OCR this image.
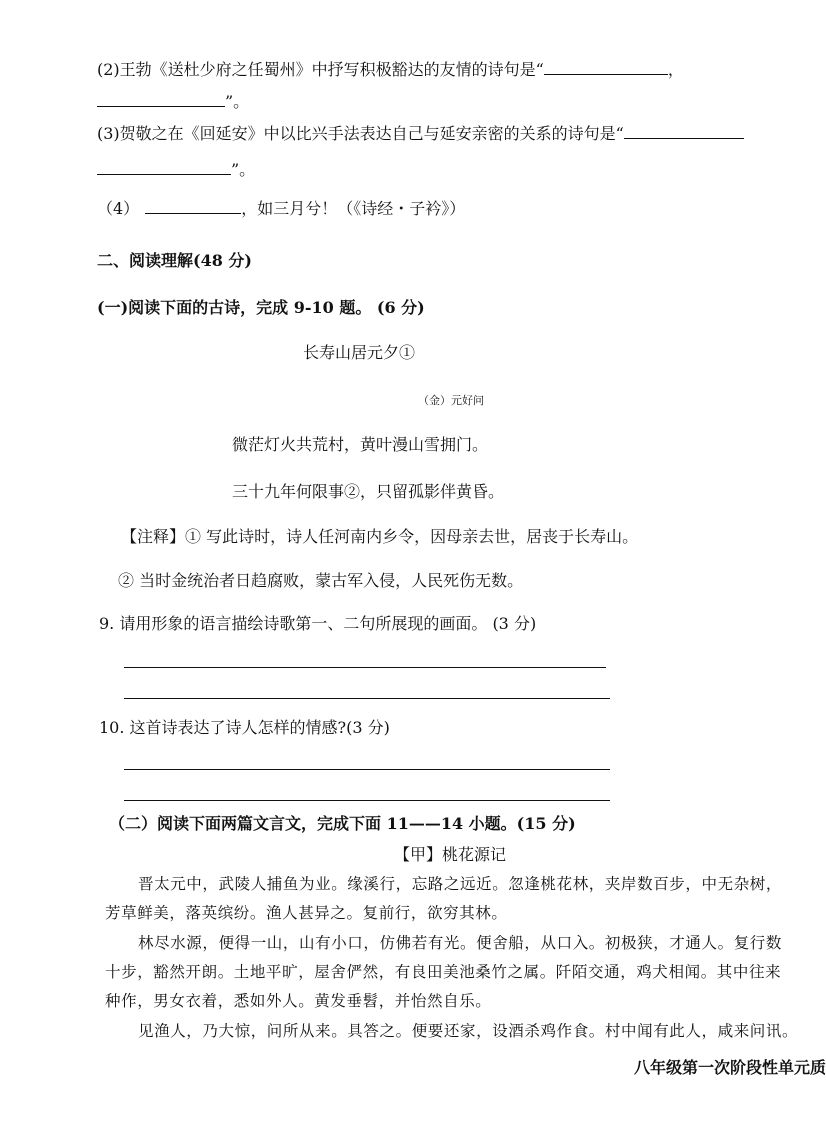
(2)王勃《送杜少府之任蜀州》中抒写积极豁达的友情的诗句是“	，
”。
(3)贺敬之在《回延安》中以比兴手法表达自己与延安亲密的关系的诗句是“
”。
（4）	，如三月兮！（《诗经・子衿》）
二、阅读理解(48 分)
(一)阅读下面的古诗，完成 9-10 题。 (6 分)
长寿山居元夕①
（金）元好问
微茫灯火共荒村，黄叶漫山雪拥门。
三十九年何限事②，只留孤影伴黄昏。
【注释】① 写此诗时，诗人任河南内乡令，因母亲去世，居丧于长寿山。
② 当时金统治者日趋腐败，蒙古军入侵，人民死伤无数。
9. 请用形象的语言描绘诗歌第一、二句所展现的画面。 (3 分)
10. 这首诗表达了诗人怎样的情感?(3 分)
（二）阅读下面两篇文言文，完成下面 11——14 小题。(15 分)
【甲】桃花源记
晋太元中，武陵人捕鱼为业。缘溪行，忘路之远近。忽逢桃花林，夹岸数百步，中无杂树，
芳草鲜美，落英缤纷。渔人甚异之。复前行，欲穷其林。
林尽水源，便得一山，山有小口，仿佛若有光。便舍船，从口入。初极狭，才通人。复行数
十步，豁然开朗。土地平旷，屋舍俨然，有良田美池桑竹之属。阡陌交通，鸡犬相闻。其中往来
种作，男女衣着，悉如外人。黄发垂髫，并怡然自乐。
见渔人，乃大惊，问所从来。具答之。便要还家，设酒杀鸡作食。村中闻有此人，咸来问讯。
八年级第一次阶段性单元质
